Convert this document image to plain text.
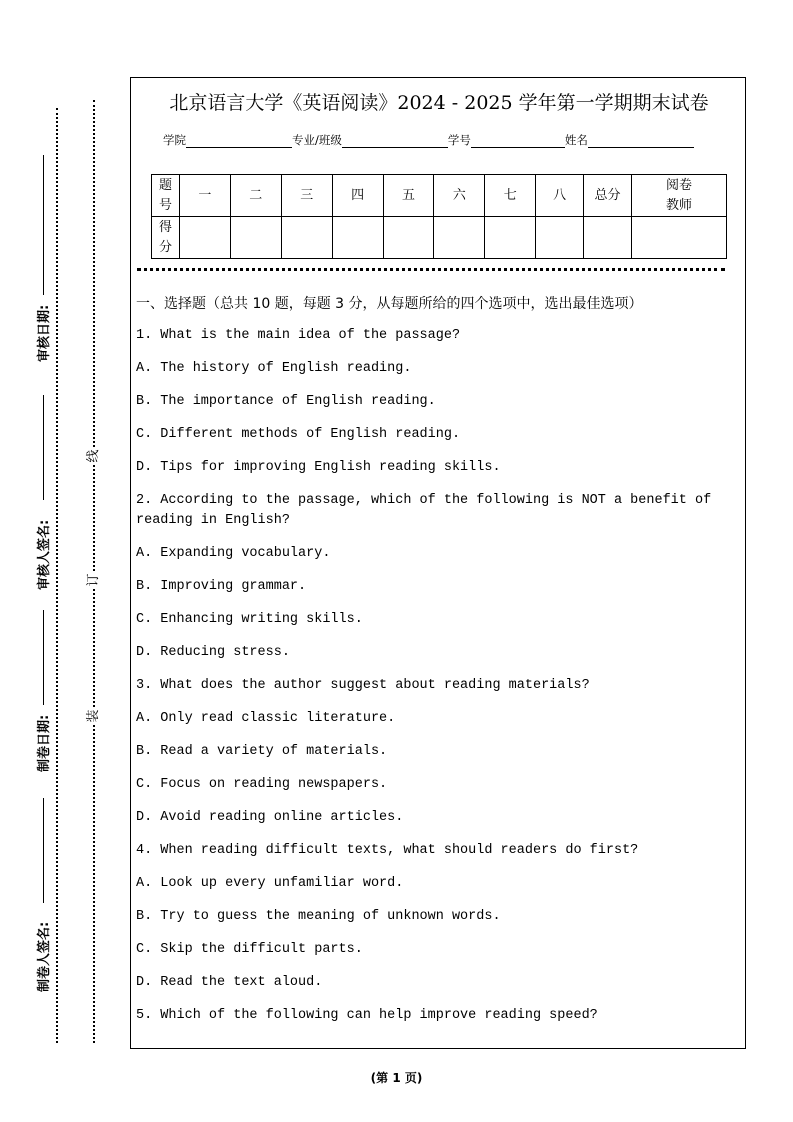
审核日期:
审核人签名:
制卷日期:
制卷人签名:
线
订
装
北京语言大学《英语阅读》2024 - 2025 学年第一学期期末试卷
学院	专业/班级	学号	姓名
题号	一	二	三	四	五	六	七	八	总分	阅卷教师
得分										
一、选择题（总共 10 题，每题 3 分，从每题所给的四个选项中，选出最佳选项）
1. What is the main idea of the passage?
A. The history of English reading.
B. The importance of English reading.
C. Different methods of English reading.
D. Tips for improving English reading skills.
2. According to the passage, which of the following is NOT a benefit of reading in English?
A. Expanding vocabulary.
B. Improving grammar.
C. Enhancing writing skills.
D. Reducing stress.
3. What does the author suggest about reading materials?
A. Only read classic literature.
B. Read a variety of materials.
C. Focus on reading newspapers.
D. Avoid reading online articles.
4. When reading difficult texts, what should readers do first?
A. Look up every unfamiliar word.
B. Try to guess the meaning of unknown words.
C. Skip the difficult parts.
D. Read the text aloud.
5. Which of the following can help improve reading speed?
(第 1 页)
